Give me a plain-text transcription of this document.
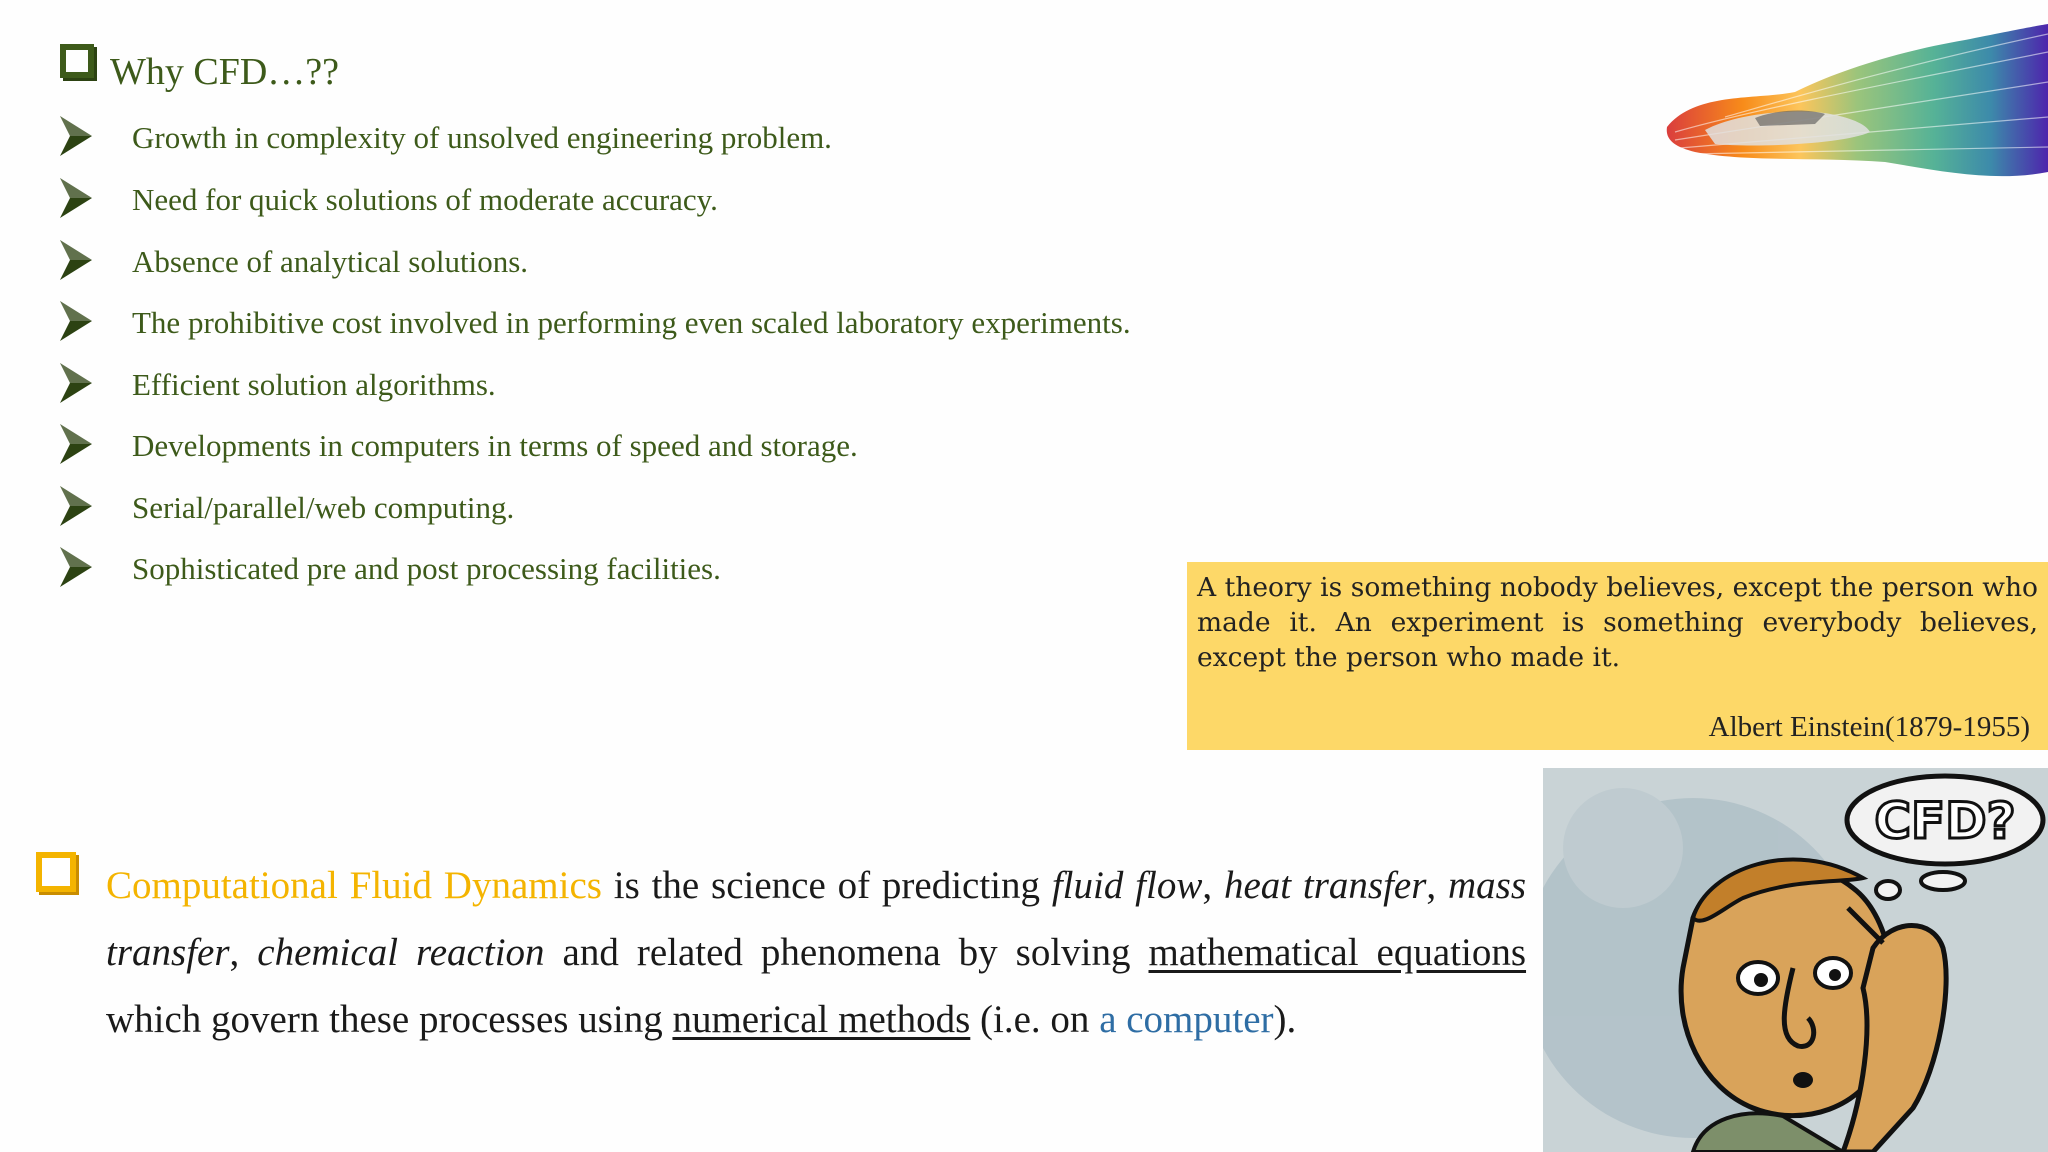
Why CFD…??
Growth in complexity of unsolved engineering problem.
Need for quick solutions of moderate accuracy.
Absence of analytical solutions.
The prohibitive cost involved in performing even scaled laboratory experiments.
Efficient solution algorithms.
Developments in computers in terms of speed and storage.
Serial/parallel/web computing.
Sophisticated pre and post processing facilities.
A theory is something nobody believes, except the person who made it. An experiment is something everybody believes, except the person who made it.
Albert Einstein(1879-1955)
Computational Fluid Dynamics is the science of predicting fluid flow, heat transfer, mass transfer, chemical reaction and related phenomena by solving mathematical equations which govern these processes using numerical methods (i.e. on a computer).
CFD?
